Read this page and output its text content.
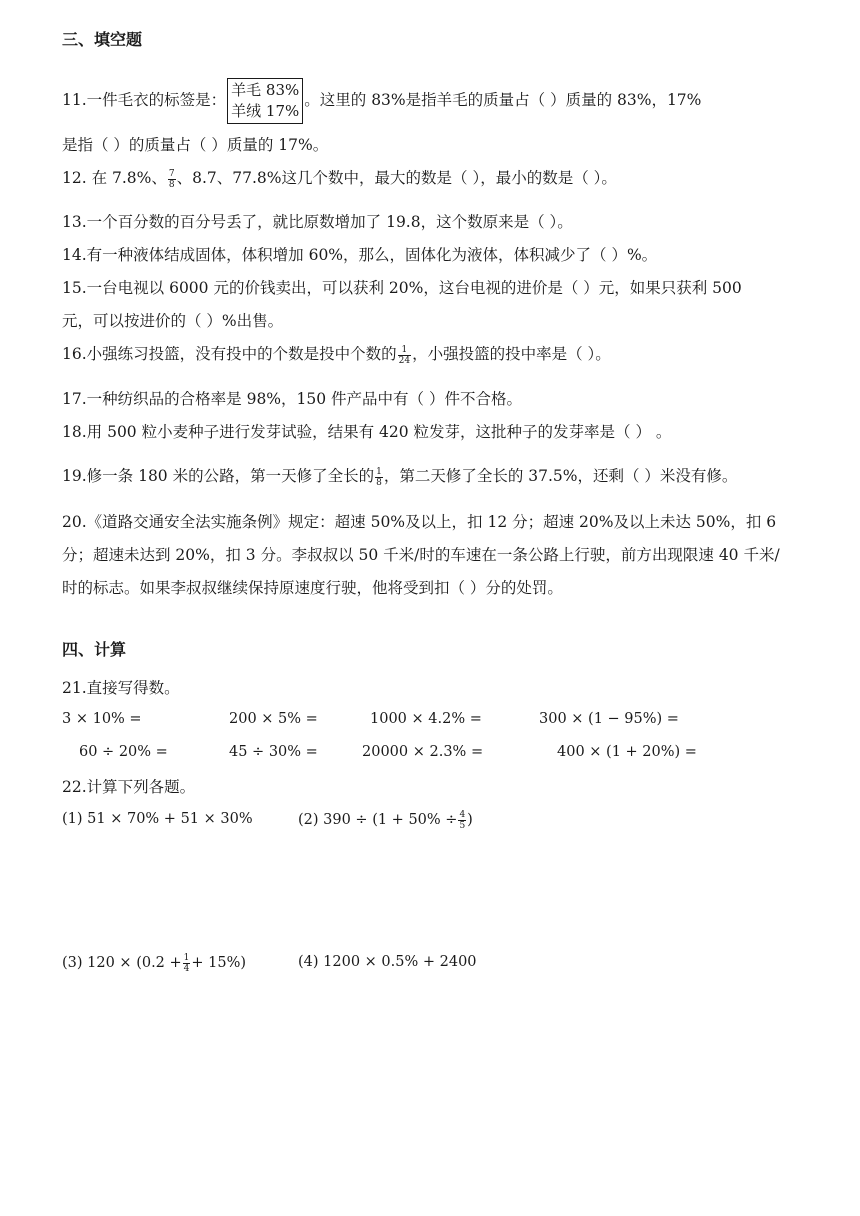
三、填空题
11.一件毛衣的标签是：
羊毛 83%
羊绒 17%
。这里的 83%是指羊毛的质量占（ ）质量的 83%，17%
是指（ ）的质量占（ ）质量的 17%。
12. 在 7.8%、 $\frac{7}{8}$ 、8.7、77.8%这几个数中，最大的数是（ ），最小的数是（ ）。
13.一个百分数的百分号丢了，就比原数增加了 19.8，这个数原来是（ ）。
14.有一种液体结成固体，体积增加 60%，那么，固体化为液体，体积减少了（ ）%。
15.一台电视以 6000 元的价钱卖出，可以获利 20%，这台电视的进价是（ ）元，如果只获利 500
元，可以按进价的（ ）%出售。
16.小强练习投篮，没有投中的个数是投中个数的 $\frac{1}{24}$ ，小强投篮的投中率是（ ）。
17.一种纺织品的合格率是 98%，150 件产品中有（ ）件不合格。
18.用 500 粒小麦种子进行发芽试验，结果有 420 粒发芽，这批种子的发芽率是（ ） 。
19.修一条 180 米的公路，第一天修了全长的 $\frac{1}{8}$ ，第二天修了全长的 37.5%，还剩（ ）米没有修。
20.《道路交通安全法实施条例》规定：超速 50%及以上，扣 12 分；超速 20%及以上未达 50%，扣 6
分；超速未达到 20%，扣 3 分。李叔叔以 50 千米/时的车速在一条公路上行驶，前方出现限速 40 千米/
时的标志。如果李叔叔继续保持原速度行驶，他将受到扣（ ）分的处罚。
四、计算
21.直接写得数。
3 × 10% =	200 × 5% =	1000 × 4.2% =	300 × (1 − 95%) =
60 ÷ 20% =	45 ÷ 30% =	20000 × 2.3% =	400 × (1 + 20%) =
22.计算下列各题。
(1) 51 × 70% + 51 × 30%	(2) $390 \div (1 + 50\% \div \frac{4}{5}$ )
(3) $120 \times (0.2 + \frac{1}{4} + 15\%)$	(4) 1200 × 0.5% + 2400
